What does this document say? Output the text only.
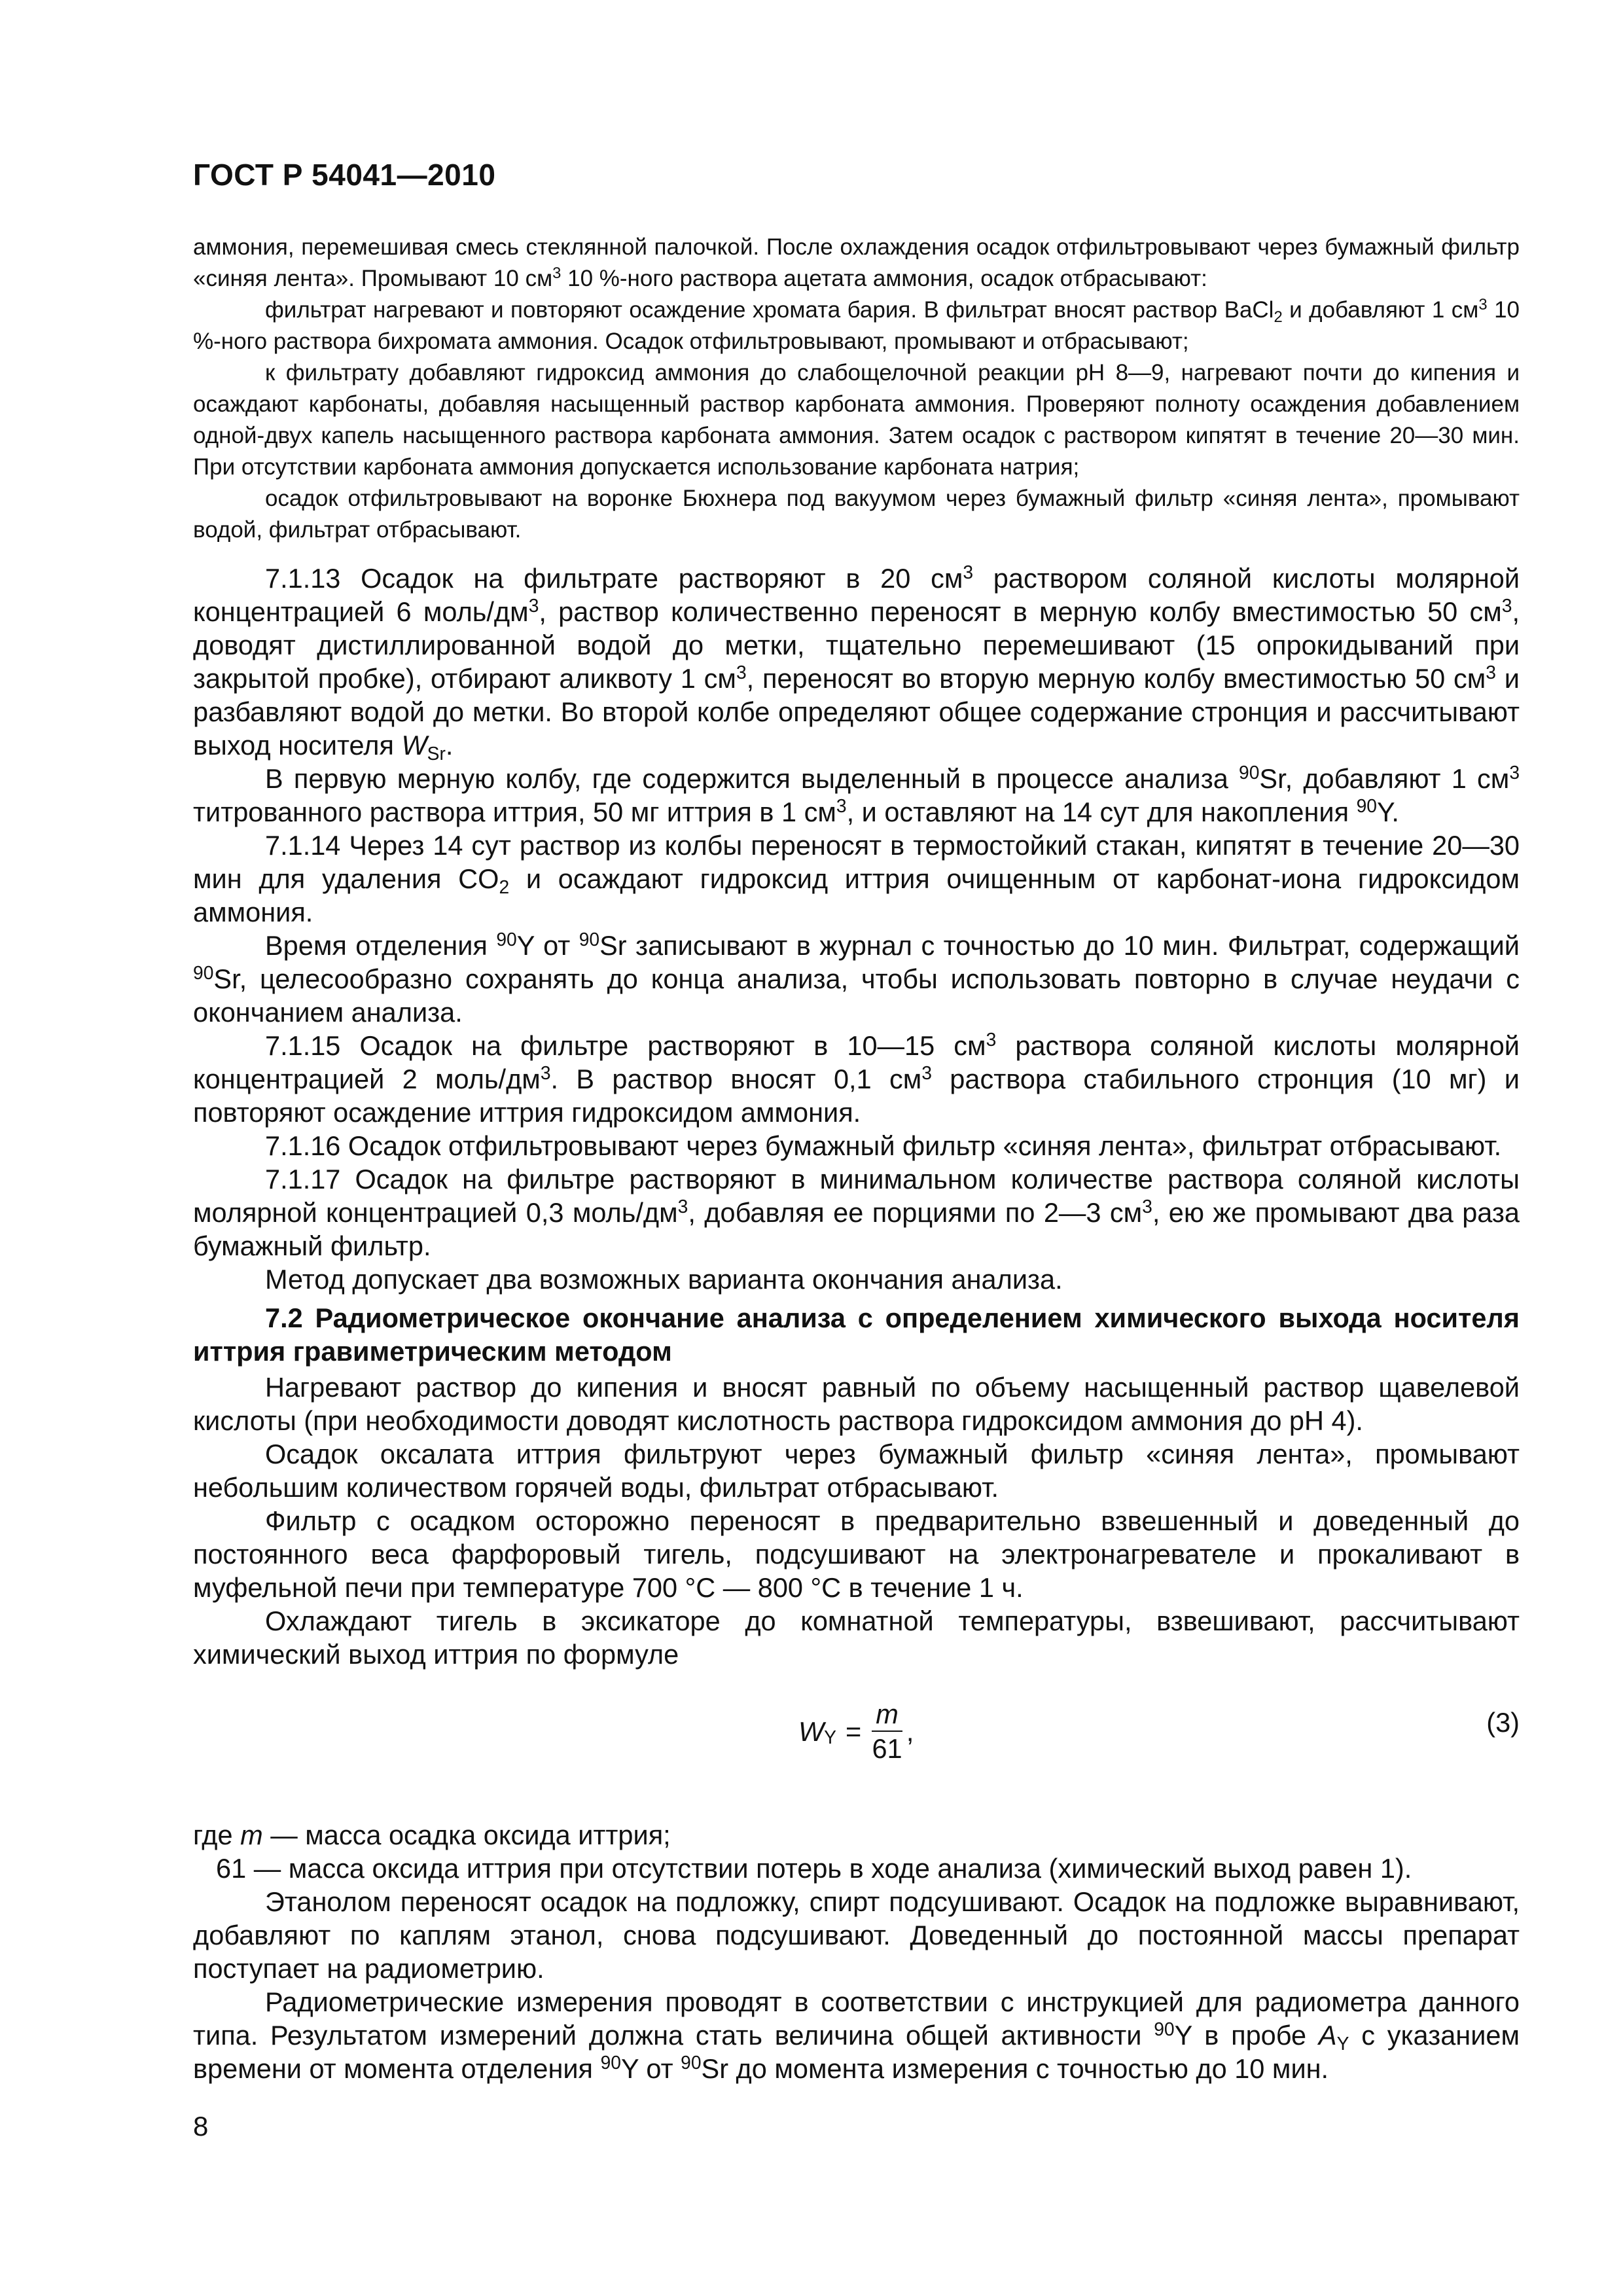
ГОСТ Р 54041—2010

аммония, перемешивая смесь стеклянной палочкой. После охлаждения осадок отфильтровывают через бумажный фильтр «синяя лента». Промывают 10 $см^3$ 10 %-ного раствора ацетата аммония, осадок отбрасывают:

фильтрат нагревают и повторяют осаждение хромата бария. В фильтрат вносят раствор BaCl$_2$ и добавляют 1 $см^3$ 10 %-ного раствора бихромата аммония. Осадок отфильтровывают, промывают и отбрасывают;

к фильтрату добавляют гидроксид аммония до слабощелочной реакции pH 8—9, нагревают почти до кипения и осаждают карбонаты, добавляя насыщенный раствор карбоната аммония. Проверяют полноту осаждения добавлением одной-двух капель насыщенного раствора карбоната аммония. Затем осадок с раствором кипятят в течение 20—30 мин. При отсутствии карбоната аммония допускается использование карбоната натрия;

осадок отфильтровывают на воронке Бюхнера под вакуумом через бумажный фильтр «синяя лента», промывают водой, фильтрат отбрасывают.

7.1.13 Осадок на фильтрате растворяют в 20 $см^3$ раствором соляной кислоты молярной концентрацией 6 моль/$дм^3$, раствор количественно переносят в мерную колбу вместимостью 50 $см^3$, доводят дистиллированной водой до метки, тщательно перемешивают (15 опрокидываний при закрытой пробке), отбирают аликвоту 1 $см^3$, переносят во вторую мерную колбу вместимостью 50 $см^3$ и разбавляют водой до метки. Во второй колбе определяют общее содержание стронция и рассчитывают выход носителя $W_{Sr}$.

В первую мерную колбу, где содержится выделенный в процессе анализа $^{90}$Sr, добавляют 1 $см^3$ титрованного раствора иттрия, 50 мг иттрия в 1 $см^3$, и оставляют на 14 сут для накопления $^{90}$Y.

7.1.14 Через 14 сут раствор из колбы переносят в термостойкий стакан, кипятят в течение 20—30 мин для удаления $CO_2$ и осаждают гидроксид иттрия очищенным от карбонат-иона гидроксидом аммония.

Время отделения $^{90}$Y от $^{90}$Sr записывают в журнал с точностью до 10 мин. Фильтрат, содержащий $^{90}$Sr, целесообразно сохранять до конца анализа, чтобы использовать повторно в случае неудачи с окончанием анализа.

7.1.15 Осадок на фильтре растворяют в 10—15 $см^3$ раствора соляной кислоты молярной концентрацией 2 моль/$дм^3$. В раствор вносят 0,1 $см^3$ раствора стабильного стронция (10 мг) и повторяют осаждение иттрия гидроксидом аммония.

7.1.16 Осадок отфильтровывают через бумажный фильтр «синяя лента», фильтрат отбрасывают.

7.1.17 Осадок на фильтре растворяют в минимальном количестве раствора соляной кислоты молярной концентрацией 0,3 моль/$дм^3$, добавляя ее порциями по 2—3 $см^3$, ею же промывают два раза бумажный фильтр.

Метод допускает два возможных варианта окончания анализа.

7.2 Радиометрическое окончание анализа с определением химического выхода носителя иттрия гравиметрическим методом

Нагревают раствор до кипения и вносят равный по объему насыщенный раствор щавелевой кислоты (при необходимости доводят кислотность раствора гидроксидом аммония до pH 4).

Осадок оксалата иттрия фильтруют через бумажный фильтр «синяя лента», промывают небольшим количеством горячей воды, фильтрат отбрасывают.

Фильтр с осадком осторожно переносят в предварительно взвешенный и доведенный до постоянного веса фарфоровый тигель, подсушивают на электронагревателе и прокаливают в муфельной печи при температуре 700 °С — 800 °С в течение 1 ч.

Охлаждают тигель в эксикаторе до комнатной температуры, взвешивают, рассчитывают химический выход иттрия по формуле

$W_Y = \frac{m}{61}$ ,	(3)

где m — масса осадка оксида иттрия;

61 — масса оксида иттрия при отсутствии потерь в ходе анализа (химический выход равен 1).

Этанолом переносят осадок на подложку, спирт подсушивают. Осадок на подложке выравнивают, добавляют по каплям этанол, снова подсушивают. Доведенный до постоянной массы препарат поступает на радиометрию.

Радиометрические измерения проводят в соответствии с инструкцией для радиометра данного типа. Результатом измерений должна стать величина общей активности $^{90}$Y в пробе $A_Y$ с указанием времени от момента отделения $^{90}$Y от $^{90}$Sr до момента измерения с точностью до 10 мин.

8
